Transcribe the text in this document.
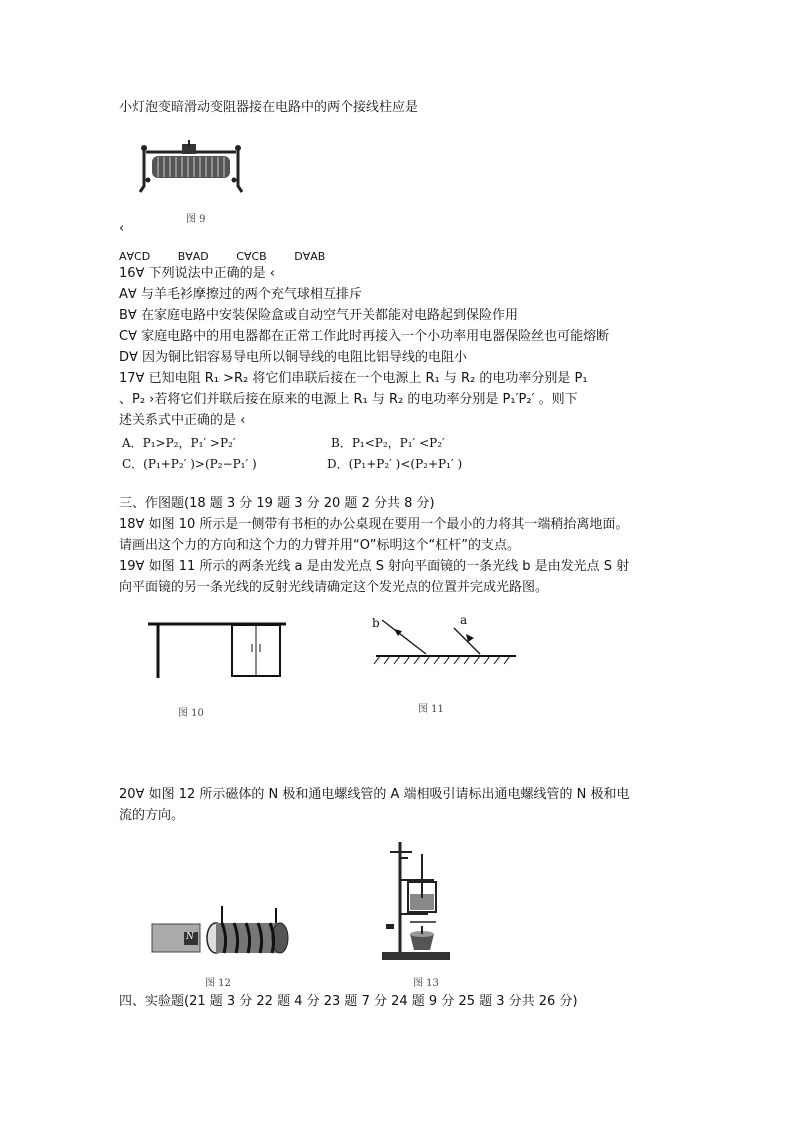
小灯泡变暗滑动变阻器接在电路中的两个接线柱应是
图 9
‹
A∀CD	B∀AD	C∀CB	D∀AB
16∀ 下列说法中正确的是 ‹
A∀ 与羊毛衫摩擦过的两个充气球相互排斥
B∀ 在家庭电路中安装保险盒或自动空气开关都能对电路起到保险作用
C∀ 家庭电路中的用电器都在正常工作此时再接入一个小功率用电器保险丝也可能熔断
D∀ 因为铜比铝容易导电所以铜导线的电阻比铝导线的电阻小
17∀ 已知电阻 R₁ >R₂ 将它们串联后接在一个电源上 R₁ 与 R₂ 的电功率分别是 P₁
、P₂ ›若将它们并联后接在原来的电源上 R₁ 与 R₂ 的电功率分别是 P₁′P₂′ 。则下
述关系式中正确的是 ‹
A．P₁>P₂，P₁′ >P₂′	B．P₁<P₂，P₁′ <P₂′
C．(P₁+P₂′ )>(P₂−P₁′ )	D．(P₁+P₂′ )<(P₂+P₁′ )
三、作图题(18 题 3 分 19 题 3 分 20 题 2 分共 8 分)
18∀ 如图 10 所示是一侧带有书柜的办公桌现在要用一个最小的力将其一端稍抬离地面。
请画出这个力的方向和这个力的力臂并用“O”标明这个“杠杆”的支点。
19∀ 如图 11 所示的两条光线 a 是由发光点 S 射向平面镜的一条光线 b 是由发光点 S 射
向平面镜的另一条光线的反射光线请确定这个发光点的位置并完成光路图。
图 10
b	a
图 11
20∀ 如图 12 所示磁体的 N 极和通电螺线管的 A 端相吸引请标出通电螺线管的 N 极和电
流的方向。
N
图 12	图 13
四、实验题(21 题 3 分 22 题 4 分 23 题 7 分 24 题 9 分 25 题 3 分共 26 分)
